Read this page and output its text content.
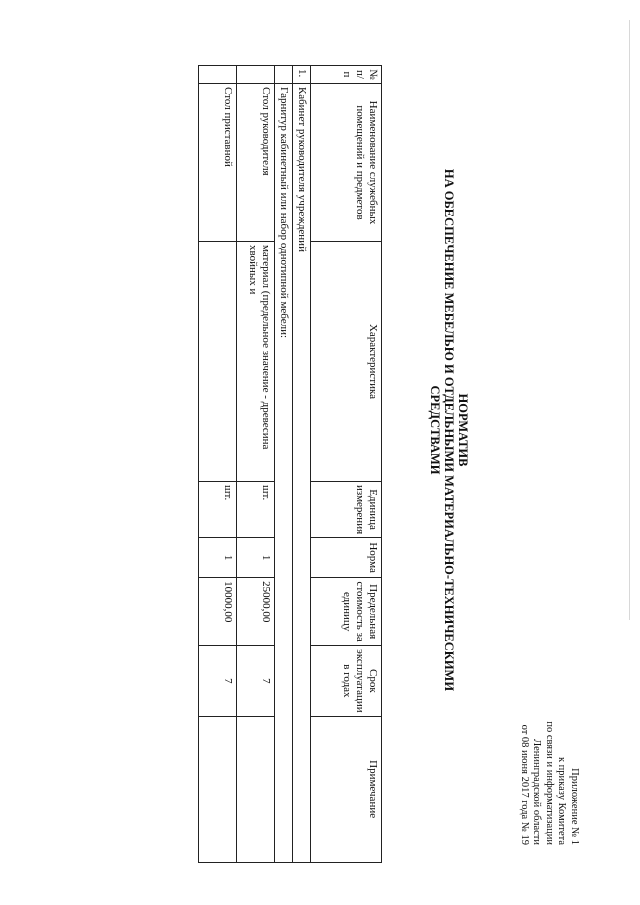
Приложение № 1
к приказу Комитета
по связи и информатизации
Ленинградской области
от 08 июня 2017 года № 19
НОРМАТИВ
НА ОБЕСПЕЧЕНИЕ МЕБЕЛЬЮ И ОТДЕЛЬНЫМИ МАТЕРИАЛЬНО-ТЕХНИЧЕСКИМИ
СРЕДСТВАМИ
№ п/п	Наименование служебных помещений и предметов	Характеристика	Единица измерения	Норма	Предельная стоимость за единицу	Срок эксплуатации в годах	Примечание
1.	Кабинет руководителя учреждений						
	Гарнитур кабинетный или набор однотипной мебели:						
	Стол руководителя	материал (предельное значение - древесина хвойных и	шт.	1	25000,00	7	
	Стол приставной		шт.	1	10000,00	7	
